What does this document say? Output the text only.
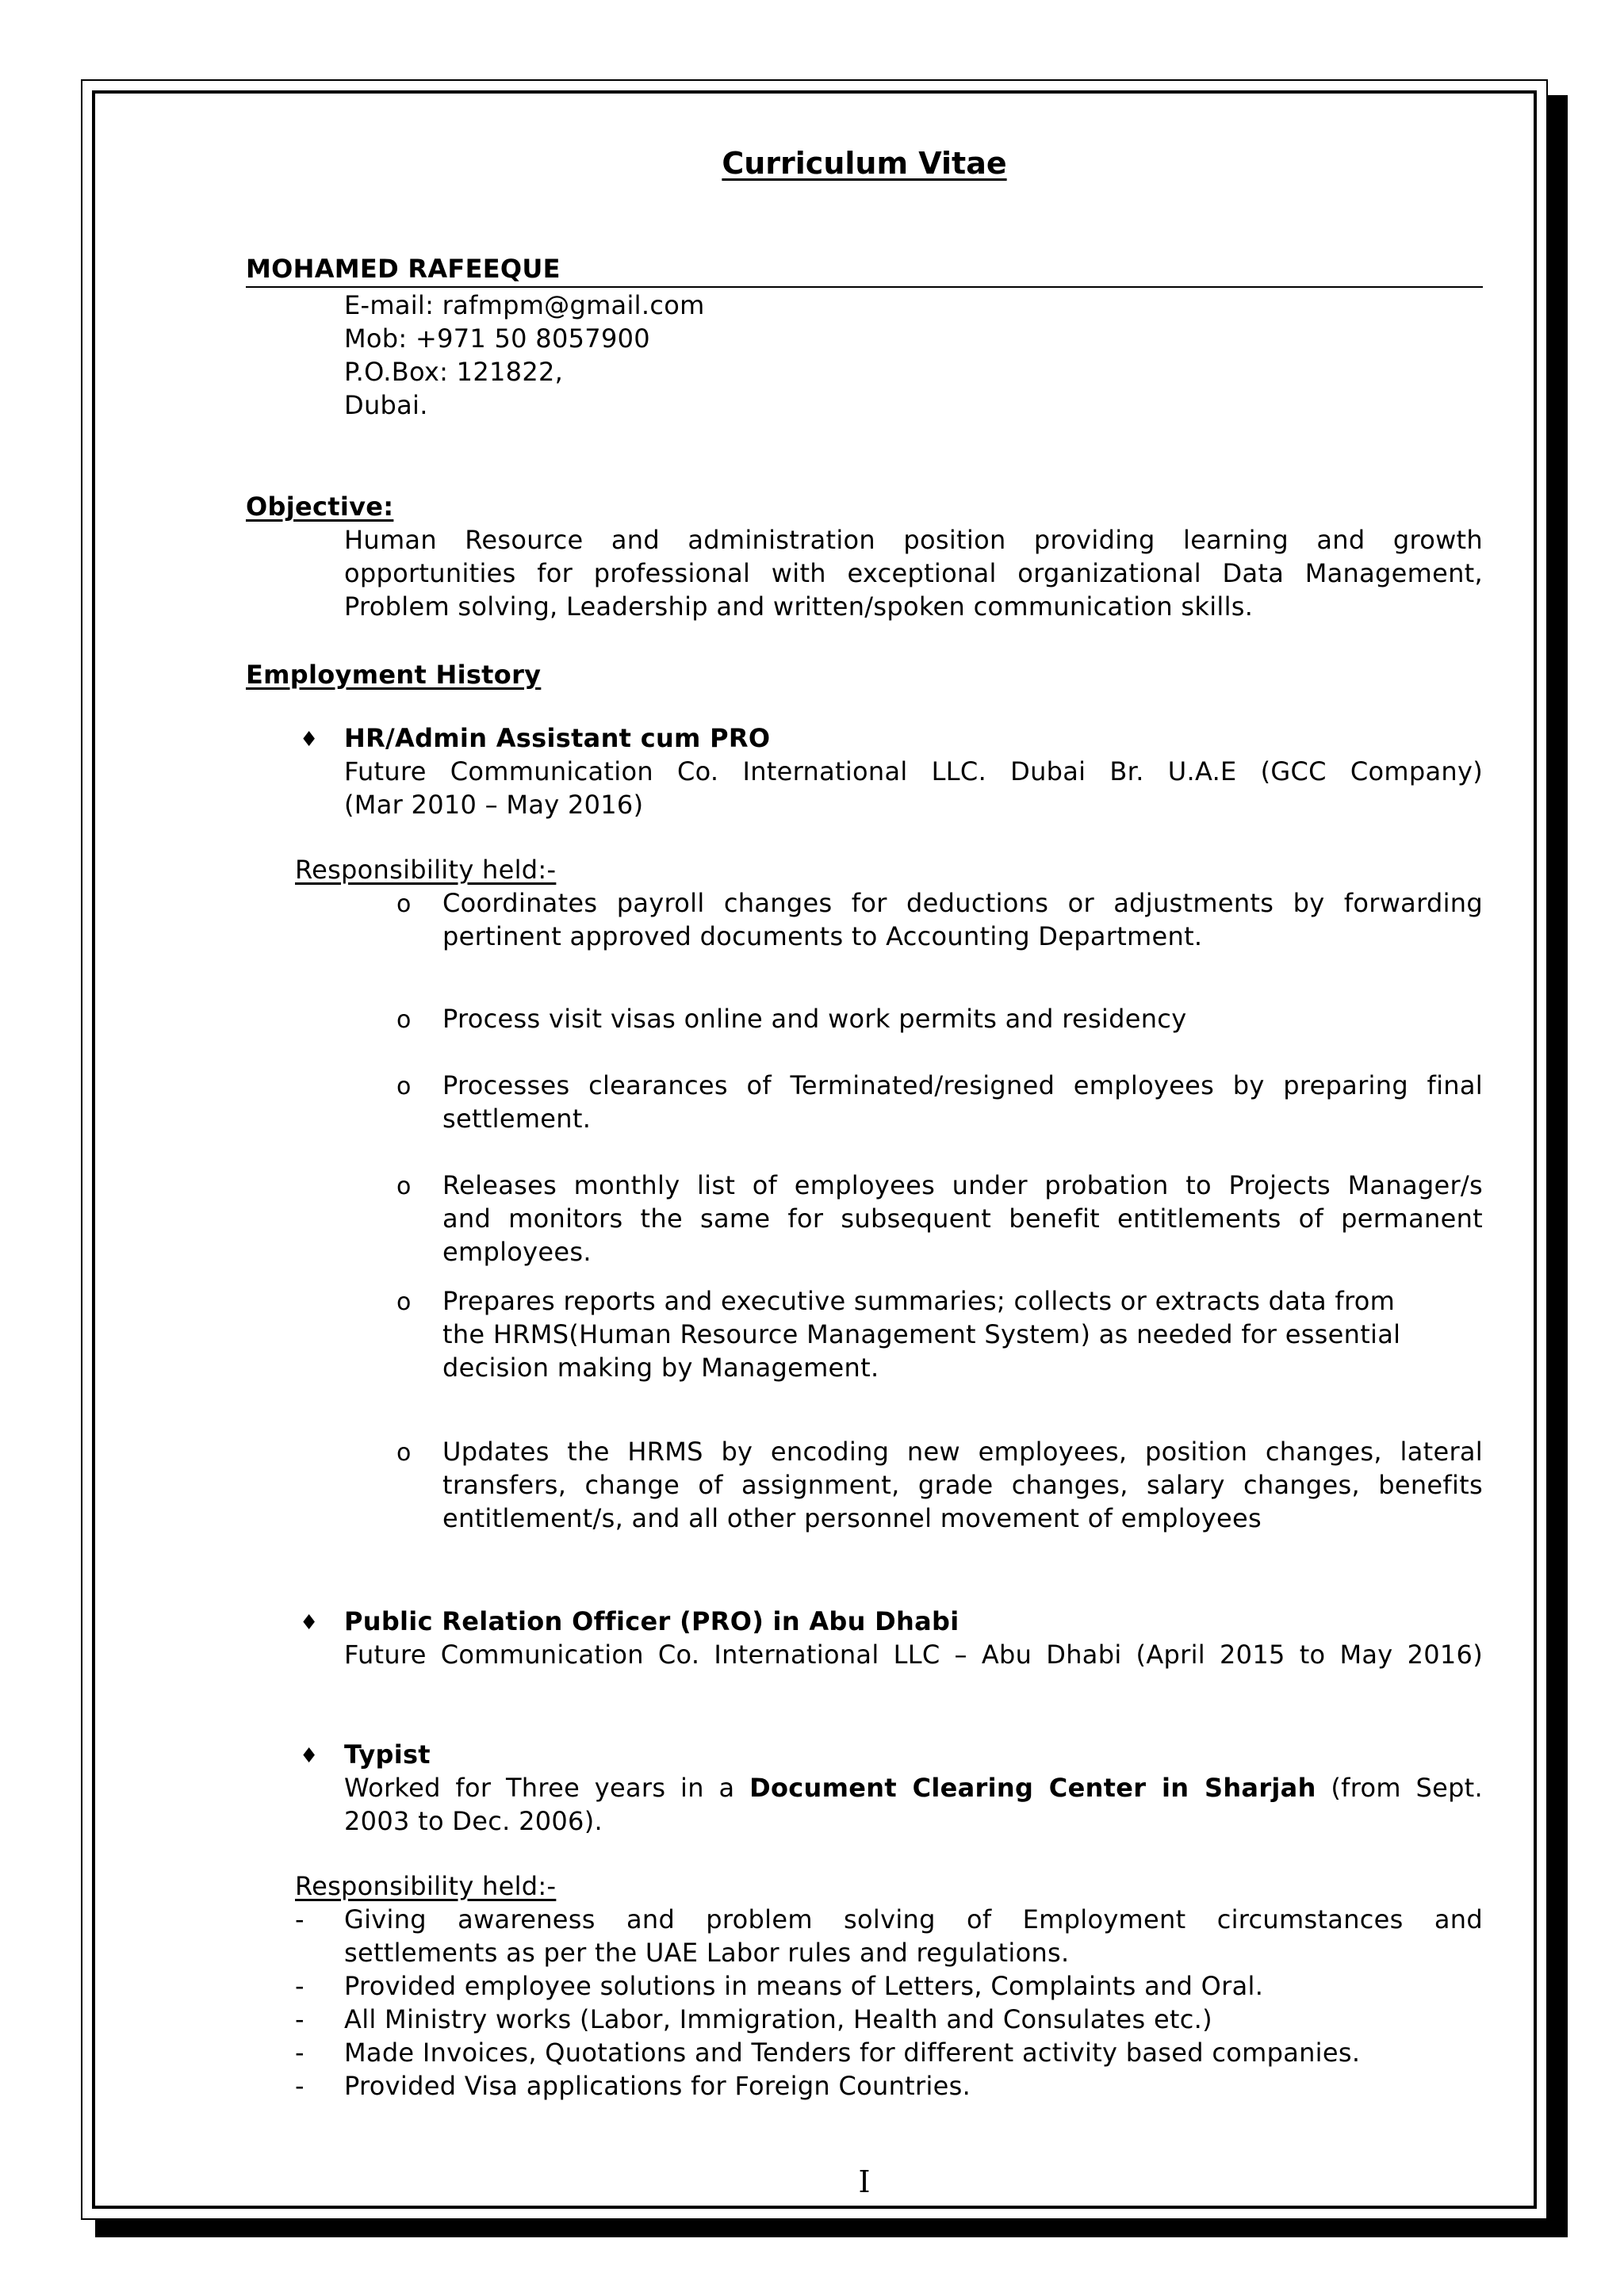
Curriculum Vitae
MOHAMED RAFEEQUE
E-mail: rafmpm@gmail.com
Mob: +971 50 8057900
P.O.Box: 121822,
Dubai.
Objective:
Human Resource and administration position providing learning and growth
opportunities for professional with exceptional organizational Data Management,
Problem solving, Leadership and written/spoken communication skills.
Employment History
♦ HR/Admin Assistant cum PRO
Future Communication Co. International LLC. Dubai Br. U.A.E (GCC Company)
(Mar 2010 – May 2016)
Responsibility held:-
o Coordinates payroll changes for deductions or adjustments by forwarding
pertinent approved documents to Accounting Department.
o Process visit visas online and work permits and residency
o Processes clearances of Terminated/resigned employees by preparing final
settlement.
o Releases monthly list of employees under probation to Projects Manager/s
and monitors the same for subsequent benefit entitlements of permanent
employees.
o Prepares reports and executive summaries; collects or extracts data from
the HRMS(Human Resource Management System) as needed for essential
decision making by Management.
o Updates the HRMS by encoding new employees, position changes, lateral
transfers, change of assignment, grade changes, salary changes, benefits
entitlement/s, and all other personnel movement of employees
♦ Public Relation Officer (PRO) in Abu Dhabi
Future Communication Co. International LLC – Abu Dhabi (April 2015 to May 2016)
♦ Typist
Worked for Three years in a Document Clearing Center in Sharjah (from Sept.
2003 to Dec. 2006).
Responsibility held:-
- Giving awareness and problem solving of Employment circumstances and
settlements as per the UAE Labor rules and regulations.
- Provided employee solutions in means of Letters, Complaints and Oral.
- All Ministry works (Labor, Immigration, Health and Consulates etc.)
- Made Invoices, Quotations and Tenders for different activity based companies.
- Provided Visa applications for Foreign Countries.
I
